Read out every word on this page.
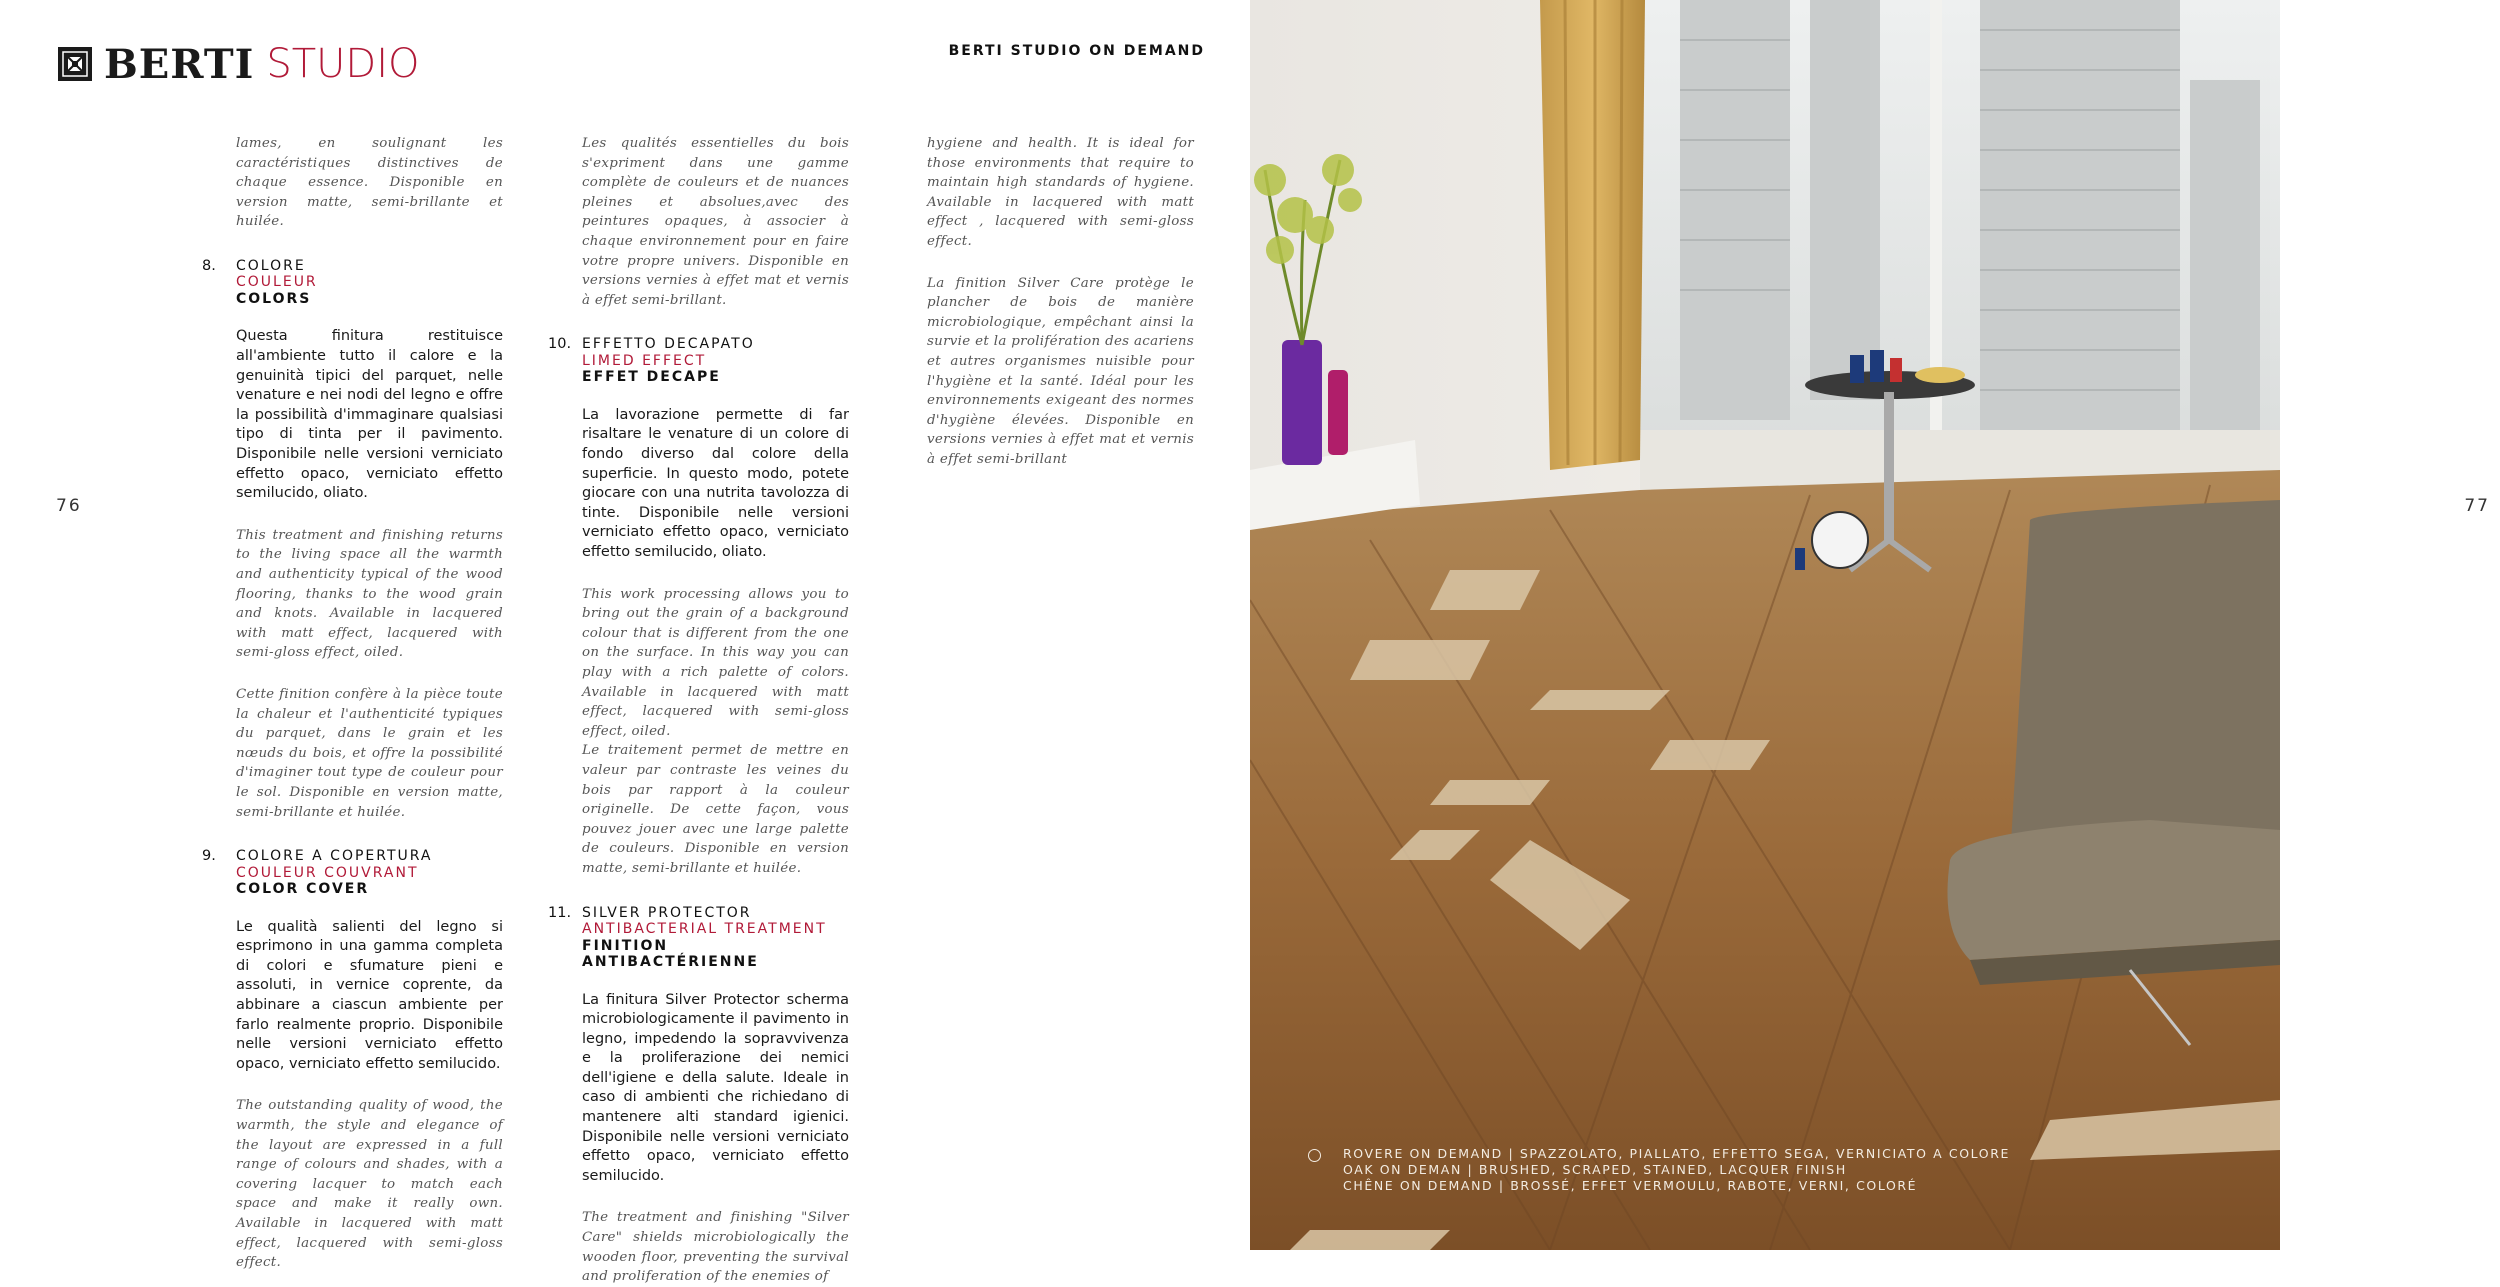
BERTI STUDIO	BERTI STUDIO ON DEMAND
76

lames, en soulignant les caractéristiques distinctives de chaque essence. Disponible en version matte, semi-brillante et huilée.

8. COLORE
COULEUR
COLORS

Questa finitura restituisce all'ambiente tutto il calore e la genuinità tipici del parquet, nelle venature e nei nodi del legno e offre la possibilità d'immaginare qualsiasi tipo di tinta per il pavimento. Disponibile nelle versioni verniciato effetto opaco, verniciato effetto semilucido, oliato.

This treatment and finishing returns to the living space all the warmth and authenticity typical of the wood flooring, thanks to the wood grain and knots. Available in lacquered with matt effect, lacquered with semi-gloss effect, oiled.

Cette finition confère à la pièce toute la chaleur et l'authenticité typiques du parquet, dans le grain et les nœuds du bois, et offre la possibilité d'imaginer tout type de couleur pour le sol. Disponible en version matte, semi-brillante et huilée.

9. COLORE A COPERTURA
COULEUR COUVRANT
COLOR COVER

Le qualità salienti del legno si esprimono in una gamma completa di colori e sfumature pieni e assoluti, in vernice coprente, da abbinare a ciascun ambiente per farlo realmente proprio. Disponibile nelle versioni verniciato effetto opaco, verniciato effetto semilucido.

The outstanding quality of wood, the warmth, the style and elegance of the layout are expressed in a full range of colours and shades, with a covering lacquer to match each space and make it really own. Available in lacquered with matt effect, lacquered with semi-gloss effect.

Les qualités essentielles du bois s'expriment dans une gamme complète de couleurs et de nuances pleines et absolues,avec des peintures opaques, à associer à chaque environnement pour en faire votre propre univers. Disponible en versions vernies à effet mat et vernis à effet semi-brillant.

10. EFFETTO DECAPATO
LIMED EFFECT
EFFET DECAPE

La lavorazione permette di far risaltare le venature di un colore di fondo diverso dal colore della superficie. In questo modo, potete giocare con una nutrita tavolozza di tinte. Disponibile nelle versioni verniciato effetto opaco, verniciato effetto semilucido, oliato.

This work processing allows you to bring out the grain of a background colour that is different from the one on the surface. In this way you can play with a rich palette of colors. Available in lacquered with matt effect, lacquered with semi-gloss effect, oiled.

Le traitement permet de mettre en valeur par contraste les veines du bois par rapport à la couleur originelle. De cette façon, vous pouvez jouer avec une large palette de couleurs. Disponible en version matte, semi-brillante et huilée.

11. SILVER PROTECTOR
ANTIBACTERIAL TREATMENT
FINITION ANTIBACTÉRIENNE

La finitura Silver Protector scherma microbiologicamente il pavimento in legno, impedendo la sopravvivenza e la proliferazione dei nemici dell'igiene e della salute. Ideale in caso di ambienti che richiedano di mantenere alti standard igienici. Disponibile nelle versioni verniciato effetto opaco, verniciato effetto semilucido.

The treatment and finishing "Silver Care" shields microbiologically the wooden floor, preventing the survival and proliferation of the enemies of

hygiene and health. It is ideal for those environments that require to maintain high standards of hygiene. Available in lacquered with matt effect , lacquered with semi-gloss effect.

La finition Silver Care protège le plancher de bois de manière microbiologique, empêchant ainsi la survie et la prolifération des acariens et autres organismes nuisible pour l'hygiène et la santé. Idéal pour les environnements exigeant des normes d'hygiène élevées. Disponible en versions vernies à effet mat et vernis à effet semi-brillant

ROVERE ON DEMAND | SPAZZOLATO, PIALLATO, EFFETTO SEGA, VERNICIATO A COLORE
OAK ON DEMAN | BRUSHED, SCRAPED, STAINED, LACQUER FINISH
CHÊNE ON DEMAND | BROSSÉ, EFFET VERMOULU, RABOTE, VERNI, COLORÉ
77
